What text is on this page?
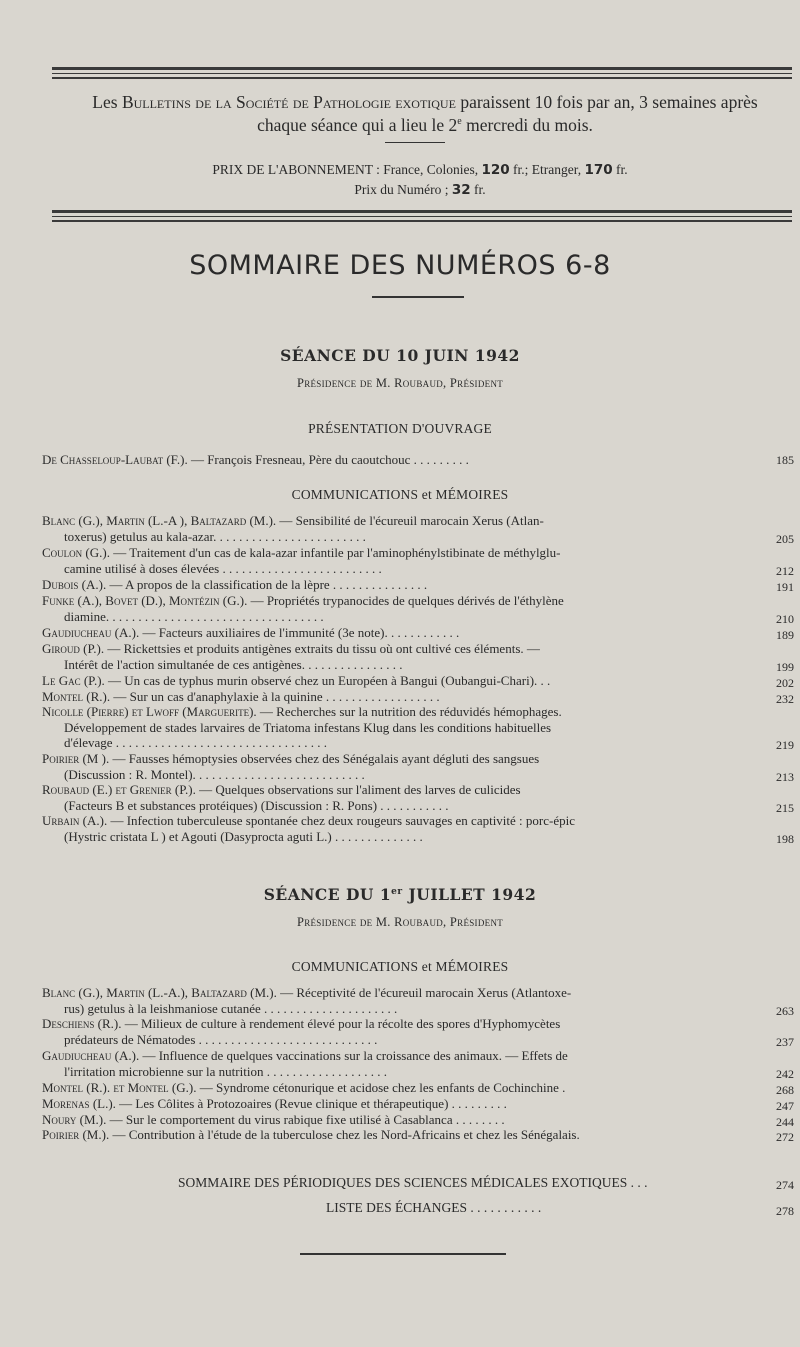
Les Bulletins de la Société de Pathologie exotique paraissent 10 fois par an, 3 semaines après chaque séance qui a lieu le 2e mercredi du mois.
PRIX DE L'ABONNEMENT : France, Colonies, 120 fr.; Etranger, 170 fr.
Prix du Numéro ; 32 fr.
SOMMAIRE DES NUMÉROS 6-8
SÉANCE DU 10 JUIN 1942
Présidence de M. Roubaud, Président
PRÉSENTATION D'OUVRAGE
De Chasseloup-Laubat (F.). — François Fresneau, Père du caoutchouc . . . . . . . . .	185
COMMUNICATIONS et MÉMOIRES
Blanc (G.), Martin (L.-A ), Baltazard (M.). — Sensibilité de l'écureuil marocain Xerus (Atlan-
toxerus) getulus au kala-azar. . . . . . . . . . . . . . . . . . . . . . . .	205
Coulon (G.). — Traitement d'un cas de kala-azar infantile par l'aminophénylstibinate de méthylglu-
camine utilisé à doses élevées . . . . . . . . . . . . . . . . . . . . . . . . .	212
Dubois (A.). — A propos de la classification de la lèpre . . . . . . . . . . . . . . .	191
Funke (A.), Bovet (D.), Montézin (G.). — Propriétés trypanocides de quelques dérivés de l'éthylène
diamine. . . . . . . . . . . . . . . . . . . . . . . . . . . . . . . . . .	210
Gaudiucheau (A.). — Facteurs auxiliaires de l'immunité (3e note). . . . . . . . . . . .	189
Giroud (P.). — Rickettsies et produits antigènes extraits du tissu où ont cultivé ces éléments. —
Intérêt de l'action simultanée de ces antigènes. . . . . . . . . . . . . . . .	199
Le Gac (P.). — Un cas de typhus murin observé chez un Européen à Bangui (Oubangui-Chari). . .	202
Montel (R.). — Sur un cas d'anaphylaxie à la quinine . . . . . . . . . . . . . . . . . .	232
Nicolle (Pierre) et Lwoff (Marguerite). — Recherches sur la nutrition des réduvidés hémophages.
Développement de stades larvaires de Triatoma infestans Klug dans les conditions habituelles
d'élevage . . . . . . . . . . . . . . . . . . . . . . . . . . . . . . . . .	219
Poirier (M ). — Fausses hémoptysies observées chez des Sénégalais ayant dégluti des sangsues
(Discussion : R. Montel). . . . . . . . . . . . . . . . . . . . . . . . . . .	213
Roubaud (E.) et Grenier (P.). — Quelques observations sur l'aliment des larves de culicides
(Facteurs B et substances protéiques) (Discussion : R. Pons) . . . . . . . . . . .	215
Urbain (A.). — Infection tuberculeuse spontanée chez deux rougeurs sauvages en captivité : porc-épic
(Hystric cristata L ) et Agouti (Dasyprocta aguti L.) . . . . . . . . . . . . . .	198
SÉANCE DU 1er JUILLET 1942
Présidence de M. Roubaud, Président
COMMUNICATIONS et MÉMOIRES
Blanc (G.), Martin (L.-A.), Baltazard (M.). — Réceptivité de l'écureuil marocain Xerus (Atlantoxe-
rus) getulus à la leishmaniose cutanée . . . . . . . . . . . . . . . . . . . . .	263
Deschiens (R.). — Milieux de culture à rendement élevé pour la récolte des spores d'Hyphomycètes
prédateurs de Nématodes . . . . . . . . . . . . . . . . . . . . . . . . . . . .	237
Gaudiucheau (A.). — Influence de quelques vaccinations sur la croissance des animaux. — Effets de
l'irritation microbienne sur la nutrition . . . . . . . . . . . . . . . . . . .	242
Montel (R.). et Montel (G.). — Syndrome cétonurique et acidose chez les enfants de Cochinchine .	268
Morenas (L.). — Les Côlites à Protozoaires (Revue clinique et thérapeutique) . . . . . . . . .	247
Noury (M.). — Sur le comportement du virus rabique fixe utilisé à Casablanca . . . . . . . .	244
Poirier (M.). — Contribution à l'étude de la tuberculose chez les Nord-Africains et chez les Sénégalais.	272
SOMMAIRE DES PÉRIODIQUES DES SCIENCES MÉDICALES EXOTIQUES . . .	274
LISTE DES ÉCHANGES . . . . . . . . . . .	278
